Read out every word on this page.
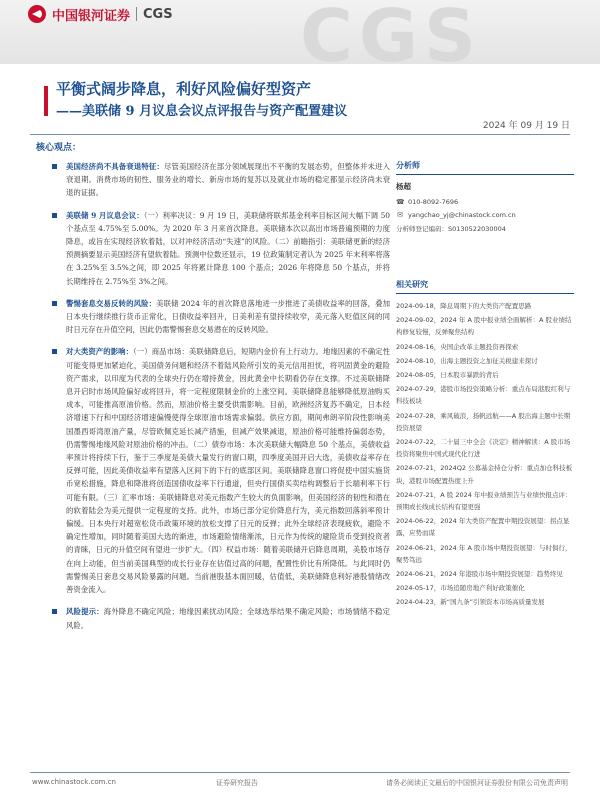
CGS
中国银河证券 CGS
平衡式阔步降息，利好风险偏好型资产
——美联储 9 月议息会议点评报告与资产配置建议
2024 年 09 月 19 日
核心观点：
美国经济尚不具备衰退特征：尽管美国经济在部分领域展现出不平衡的发展态势，但整体并未进入衰退期。消费市场的韧性、服务业的增长、新房市场的复苏以及就业市场的稳定都显示经济尚未衰退的证据。
美联储 9 月议息会议：（一）利率决议：9 月 19 日，美联储将联邦基金利率目标区间大幅下调 50 个基点至 4.75%至 5.00%。为 2020 年 3 月来首次降息。美联储本次以高出市场普遍预期的力度降息，或旨在实现经济软着陆，以对冲经济活动“失速”的风险。（二）前瞻指引：美联储更新的经济预测摘要显示美国经济有望软着陆。预测中位数还显示，19 位政策制定者认为 2025 年末利率将落在 3.25%至 3.5%之间，即 2025 年将累计降息 100 个基点；2026 年将降息 50 个基点，并将长期维持在 2.75%至 3%之间。
警惕套息交易反转的风险：美联储 2024 年的首次降息落地进一步推进了美债收益率的回落，叠加日本央行继续推行货币正常化，日债收益率回升，日美利差有望持续收窄，美元落入贬值区间的同时日元存在升值空间，因此仍需警惕套息交易潜在的反转风险。
对大类资产的影响：（一）商品市场：美联储降息后，短期内金价有上行动力。地缘因素的不确定性可能变得更加紧迫化，美国债务问题和经济不着陆风险所引发的美元信用担忧，将巩固黄金的避险资产需求，以印度为代表的全球央行仍在增持黄金，因此黄金中长期看仍存在支撑。不过美联储降息开启时市场风险偏好或将回升，将一定程度限制金价的上涨空间。美联储降息能够降低原油购买成本，可能推高原油价格。然而，原油价格主要受供需影响。目前，欧洲经济复苏不确定，日本经济增速下行和中国经济增速偏慢使得全球原油市场需求偏弱。供应方面，期间弗朗辛阶段性影响美国墨西哥湾原油产量，尽管欧佩克延长减产措施，但减产效果减退，原油价格可能维持偏弱态势，仍需警惕地缘风险对原油价格的冲击。（二）债券市场：本次美联储大幅降息 50 个基点，美债收益率预计将持续下行，鉴于三季度是美债大量发行的窗口期，四季度美国开启大选，美债收益率存在反弹可能，因此美债收益率有望落入区间下的下行的底部区间。美联储降息窗口将促使中国实施货币宽松措施，降息和降准将创造国债收益率下行通道，但央行国债买卖结构调整后于长端利率下行可能有限。（三）汇率市场：美联储降息对美元指数产生较大的负面影响，但美国经济的韧性和潜在的软着陆会为美元提供一定程度的支持。此外，市场已部分定价降息行为，美元指数回落斜率预计偏缓。日本央行对超宽松货币政策环境的放松支撑了日元的反弹；此外全球经济表现疲软，避险不确定性增加，同时随着美国大选的渐进，市场避险情绪渐浓，日元作为传统的避险货币受到投资者的青睐，日元的升值空间有望进一步扩大。（四）权益市场：随着美联储开启降息周期，美股市场存在向上动能，但当前美国典型的成长行业存在估值过高的问题，配置性价比有所降低。与此同时仍需警惕美日套息交易风险暴露的问题。当前港股基本面回暖，估值低，美联储降息利好港股情绪改善资金流入。
风险提示：海外降息不确定风险；地缘因素扰动风险；全球选举结果不确定风险；市场情绪不稳定风险。
分析师
杨超
☎ 010-8092-7696
✉ yangchao_yj@chinastock.com.cn
分析师登记编码：S0130522030004
相关研究
2024-09-18，降息周期下的大类资产配置思路
2024-09-02，2024 年 A 股中报业绩全面解析：A 股业绩结构修复较慢，反弹聚焦结构
2024-08-16，央国企改革主题投资再探索
2024-08-10，出海主题投资之加征关税建来探讨
2024-08-05，日本股市暴跌的背后
2024-07-29，港股市场投资策略分析：重点布局港股红利与科技板块
2024-07-28，乘风破浪，扬帆远航——A 股出海主题中长期投资展望
2024-07-22，二十届三中全会《决定》精神解读：A 股市场投资将聚焦中国式现代化行进
2024-07-21，2024Q2 公募基金持仓分析：重点加仓科技板块，港股市场配置热度上升
2024-07-21，A 股 2024 年中报业绩预告与业绩快报点评：预期或长线成长结构有望更强
2024-06-22，2024 年大类资产配置中期投资展望：拐点显露，应势而谋
2024-06-21，2024 年 A 股市场中期投资展望：与时俱行，聚势笃远
2024-06-21，2024 年港股市场中期投资展望：趋势终见
2024-05-17，市场追随房地产利好政策催化
2024-04-23，新“国九条”引领资本市场高质量发展
www.chinastock.com.cn	证券研究报告	请务必阅读正文最后的中国银河证券股份有限公司免责声明
